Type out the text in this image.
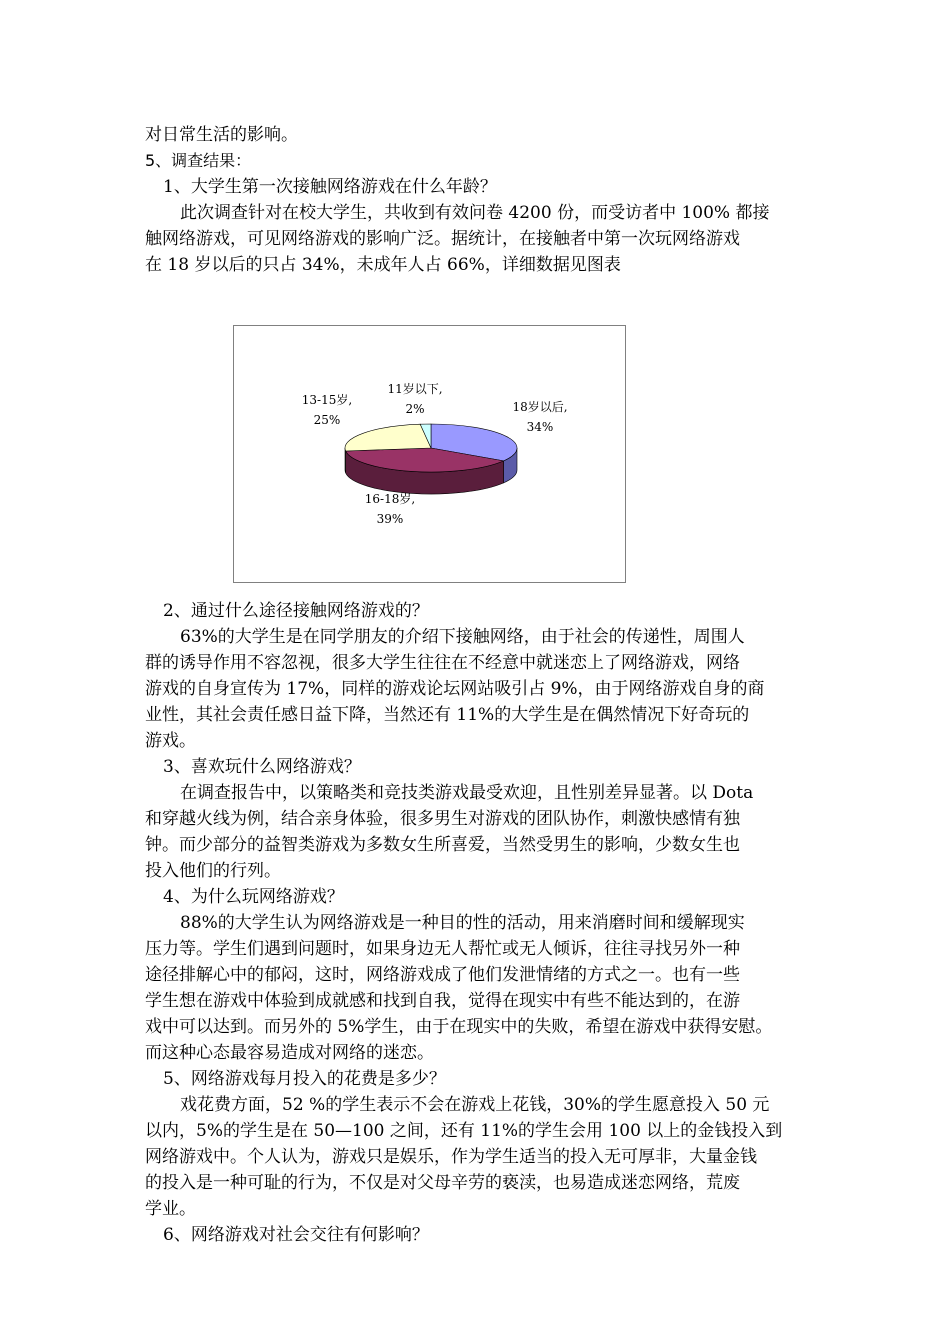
对日常生活的影响。
5、调查结果：
1、大学生第一次接触网络游戏在什么年龄？
此次调查针对在校大学生，共收到有效问卷 4200 份，而受访者中 100% 都接
触网络游戏，可见网络游戏的影响广泛。据统计，在接触者中第一次玩网络游戏
在 18 岁以后的只占 34%，未成年人占 66%，详细数据见图表
18岁以后,
34%
16-18岁,
39%
13-15岁,
25%
11岁以下,
2%
2、通过什么途径接触网络游戏的？
63%的大学生是在同学朋友的介绍下接触网络，由于社会的传递性，周围人
群的诱导作用不容忽视，很多大学生往往在不经意中就迷恋上了网络游戏，网络
游戏的自身宣传为 17%，同样的游戏论坛网站吸引占 9%，由于网络游戏自身的商
业性，其社会责任感日益下降，当然还有 11%的大学生是在偶然情况下好奇玩的
游戏。
3、喜欢玩什么网络游戏？
在调查报告中，以策略类和竞技类游戏最受欢迎，且性别差异显著。以 Dota
和穿越火线为例，结合亲身体验，很多男生对游戏的团队协作，刺激快感情有独
钟。而少部分的益智类游戏为多数女生所喜爱，当然受男生的影响，少数女生也
投入他们的行列。
4、为什么玩网络游戏？
88%的大学生认为网络游戏是一种目的性的活动，用来消磨时间和缓解现实
压力等。学生们遇到问题时，如果身边无人帮忙或无人倾诉，往往寻找另外一种
途径排解心中的郁闷，这时，网络游戏成了他们发泄情绪的方式之一。也有一些
学生想在游戏中体验到成就感和找到自我，觉得在现实中有些不能达到的，在游
戏中可以达到。而另外的 5%学生，由于在现实中的失败，希望在游戏中获得安慰。
而这种心态最容易造成对网络的迷恋。
5、网络游戏每月投入的花费是多少？
戏花费方面，52 %的学生表示不会在游戏上花钱，30%的学生愿意投入 50 元
以内，5%的学生是在 50—100 之间，还有 11%的学生会用 100 以上的金钱投入到
网络游戏中。个人认为，游戏只是娱乐，作为学生适当的投入无可厚非，大量金钱
的投入是一种可耻的行为，不仅是对父母辛劳的亵渎，也易造成迷恋网络，荒废
学业。
6、网络游戏对社会交往有何影响？
